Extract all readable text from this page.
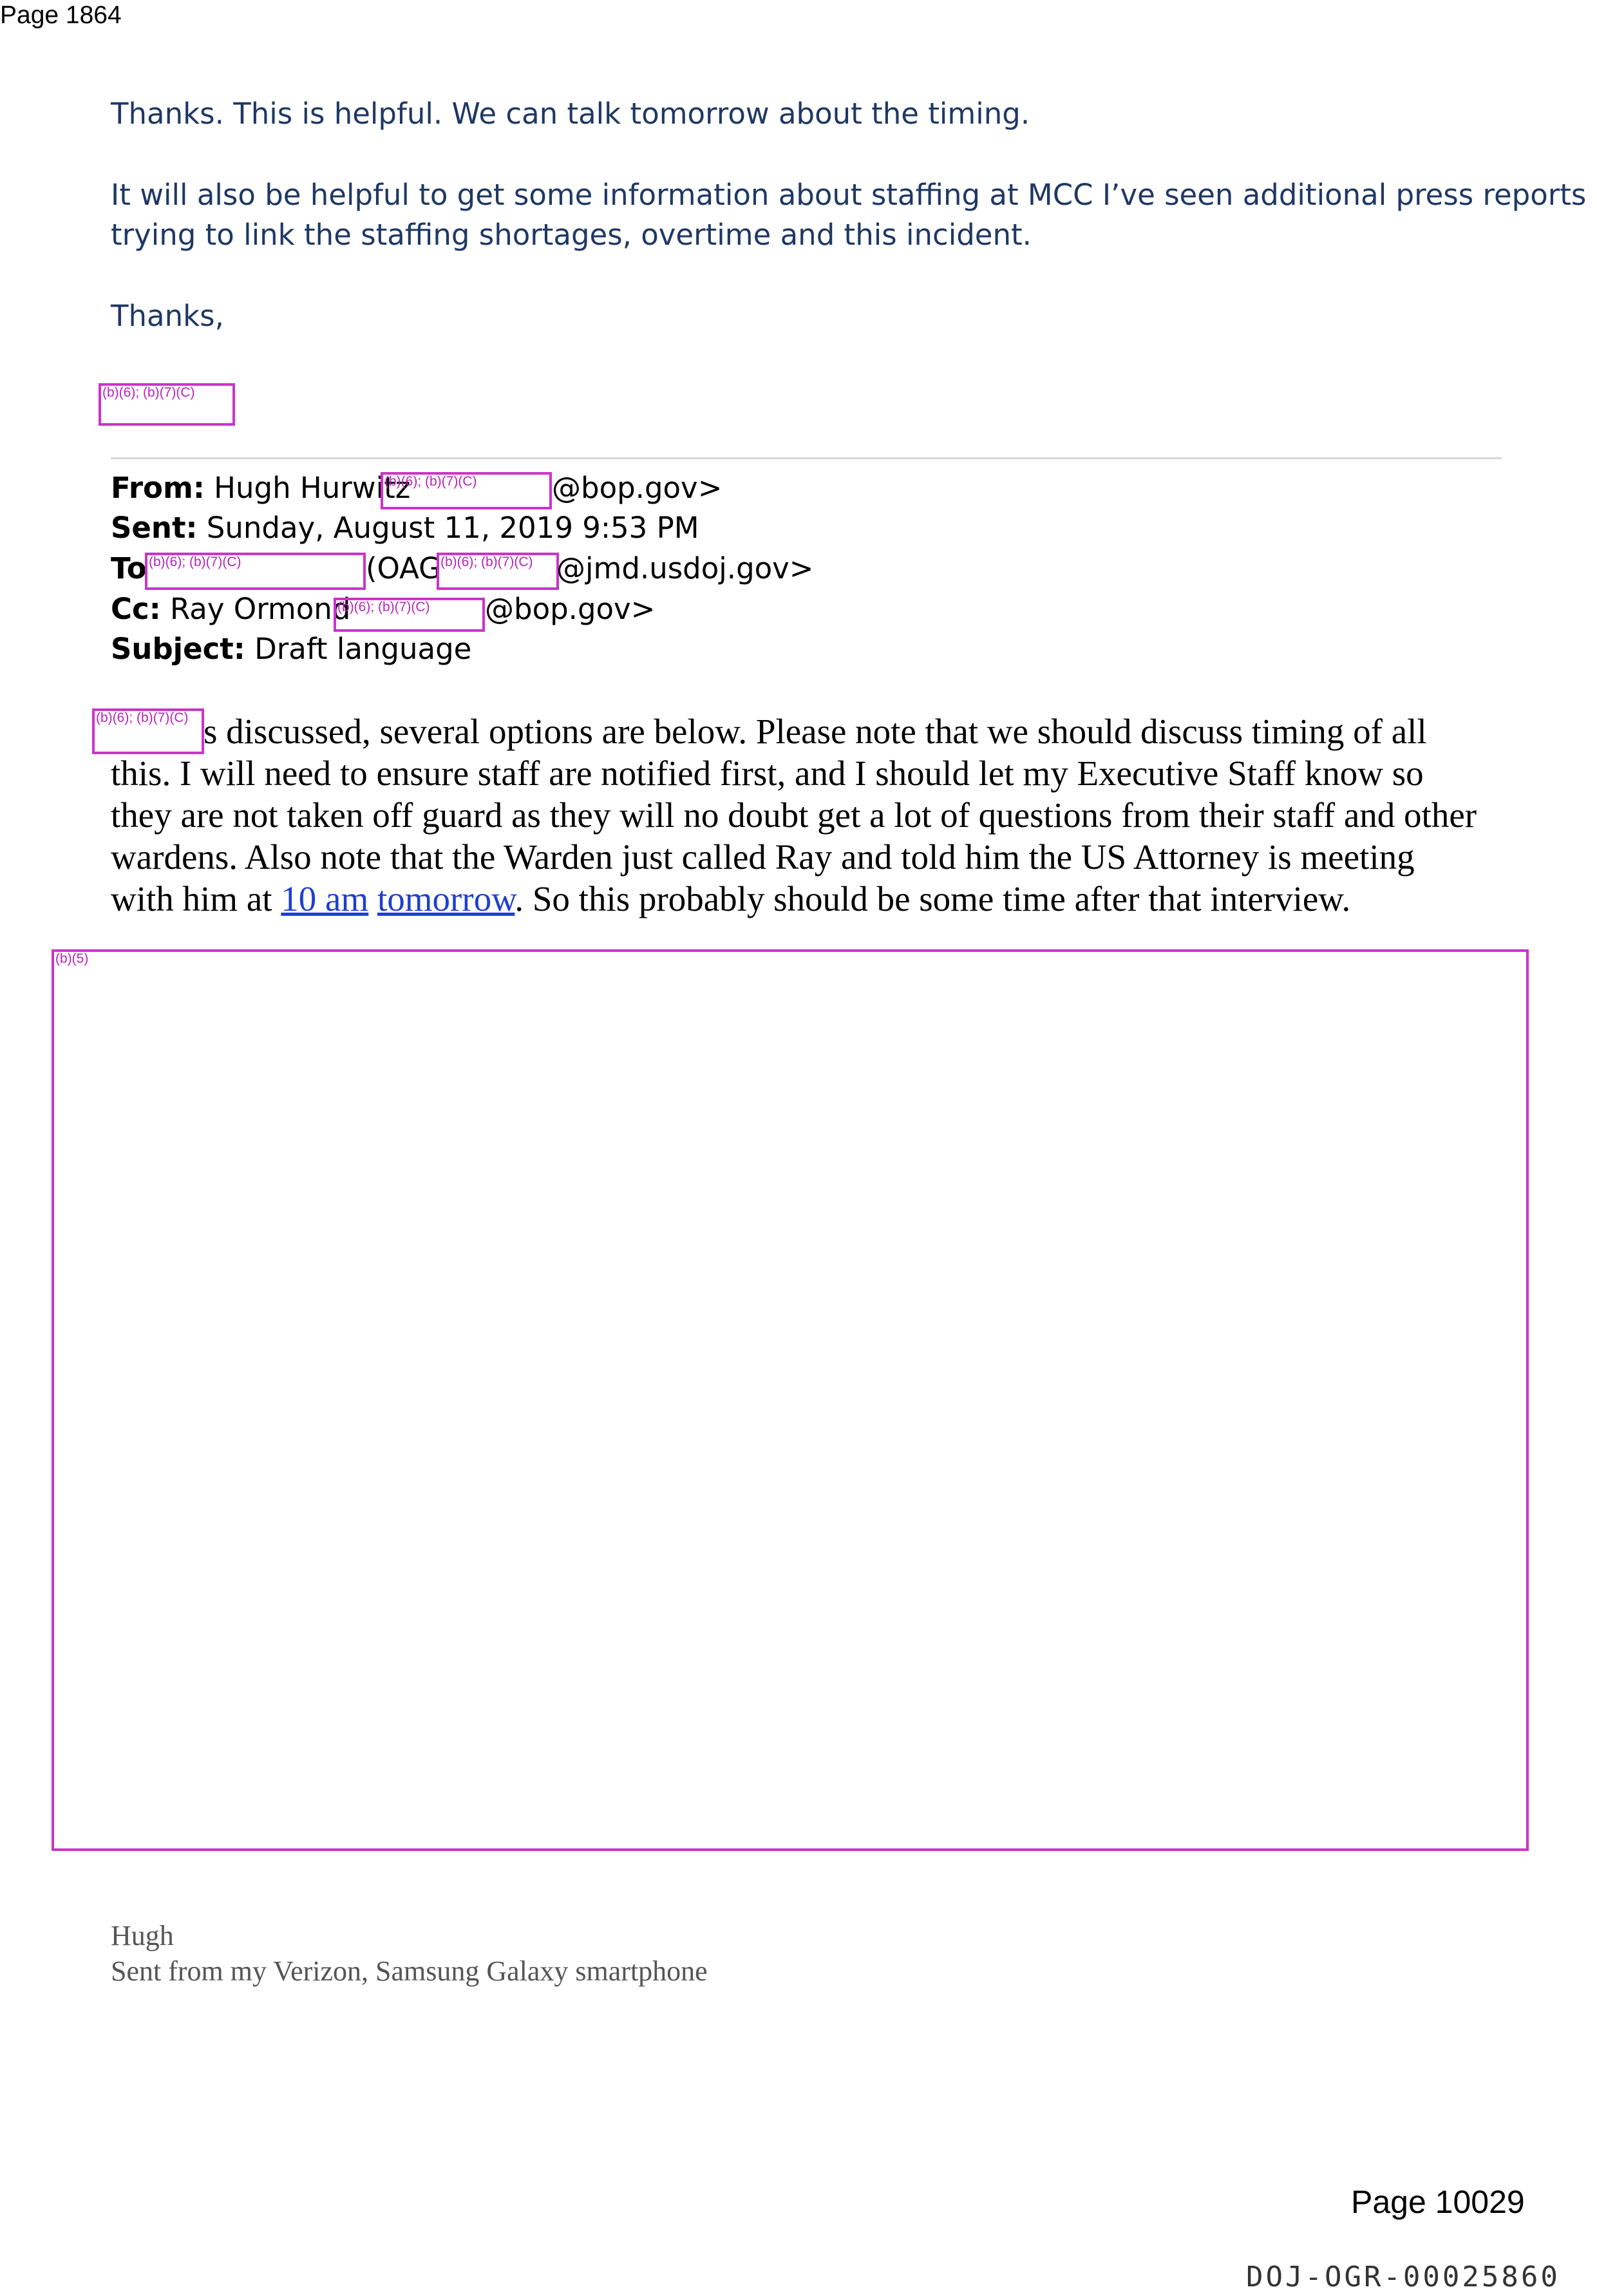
Page 1864
Thanks. This is helpful. We can talk tomorrow about the timing.
It will also be helpful to get some information about staffing at MCC I’ve seen additional press reports
trying to link the staffing shortages, overtime and this incident.
Thanks,
(b)(6); (b)(7)(C)
From: Hugh Hurwitz
(b)(6); (b)(7)(C)	@bop.gov>
Sent: Sunday, August 11, 2019 9:53 PM
To (b)(6); (b)(7)(C)	(OAG
(b)(6); (b)(7)(C) @jmd.usdoj.gov>
Cc: Ray Ormond
(b)(6); (b)(7)(C) @bop.gov>
Subject: Draft language
(b)(6); (b)(7)(C) s discussed, several options are below. Please note that we should discuss timing of all
this. I will need to ensure staff are notified first, and I should let my Executive Staff know so
they are not taken off guard as they will no doubt get a lot of questions from their staff and other
wardens. Also note that the Warden just called Ray and told him the US Attorney is meeting
with him at 10 am tomorrow. So this probably should be some time after that interview.
(b)(5)
Hugh
Sent from my Verizon, Samsung Galaxy smartphone
Page 10029
DOJ-OGR-00025860
